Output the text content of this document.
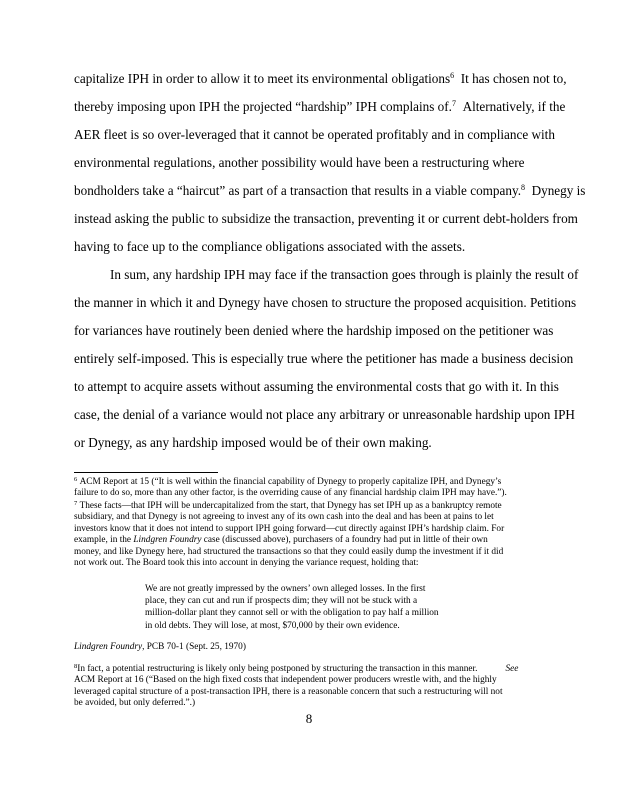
capitalize IPH in order to allow it to meet its environmental obligations$^6$ It has chosen not to,
thereby imposing upon IPH the projected “hardship” IPH complains of.$^7$ Alternatively, if the
AER fleet is so over-leveraged that it cannot be operated profitably and in compliance with
environmental regulations, another possibility would have been a restructuring where
bondholders take a “haircut” as part of a transaction that results in a viable company.$^8$ Dynegy is
instead asking the public to subsidize the transaction, preventing it or current debt-holders from
having to face up to the compliance obligations associated with the assets.
In sum, any hardship IPH may face if the transaction goes through is plainly the result of
the manner in which it and Dynegy have chosen to structure the proposed acquisition. Petitions
for variances have routinely been denied where the hardship imposed on the petitioner was
entirely self-imposed. This is especially true where the petitioner has made a business decision
to attempt to acquire assets without assuming the environmental costs that go with it. In this
case, the denial of a variance would not place any arbitrary or unreasonable hardship upon IPH
or Dynegy, as any hardship imposed would be of their own making.
$^6$ ACM Report at 15 (“It is well within the financial capability of Dynegy to properly capitalize IPH, and Dynegy’s
failure to do so, more than any other factor, is the overriding cause of any financial hardship claim IPH may have.”).
$^7$ These facts—that IPH will be undercapitalized from the start, that Dynegy has set IPH up as a bankruptcy remote
subsidiary, and that Dynegy is not agreeing to invest any of its own cash into the deal and has been at pains to let
investors know that it does not intend to support IPH going forward—cut directly against IPH’s hardship claim. For
example, in the Lindgren Foundry case (discussed above), purchasers of a foundry had put in little of their own
money, and like Dynegy here, had structured the transactions so that they could easily dump the investment if it did
not work out. The Board took this into account in denying the variance request, holding that:
We are not greatly impressed by the owners’ own alleged losses. In the first
place, they can cut and run if prospects dim; they will not be stuck with a
million-dollar plant they cannot sell or with the obligation to pay half a million
in old debts. They will lose, at most, $70,000 by their own evidence.
Lindgren Foundry, PCB 70-1 (Sept. 25, 1970)
$^8$In fact, a potential restructuring is likely only being postponed by structuring the transaction in this manner.	See
ACM Report at 16 (“Based on the high fixed costs that independent power producers wrestle with, and the highly
leveraged capital structure of a post-transaction IPH, there is a reasonable concern that such a restructuring will not
be avoided, but only deferred.”.)
8
